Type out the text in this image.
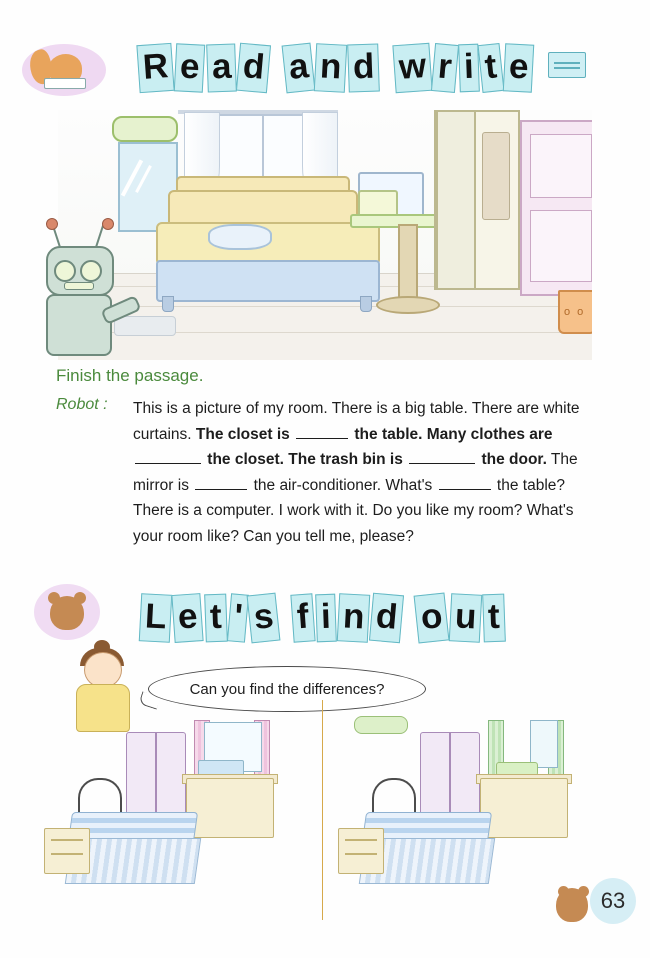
R e a d a n d w r i t e
o o
Finish the passage.
Robot : This is a picture of my room. There is a big table. There are white curtains. The closet is	the table. Many clothes are  the closet. The trash bin is	the door. The mirror is	the air-conditioner. What's	the table? There is a computer. I work with it. Do you like my room? What's your room like? Can you tell me, please?
L e t ' s f i n d o u t
Can you find the differences?
63
